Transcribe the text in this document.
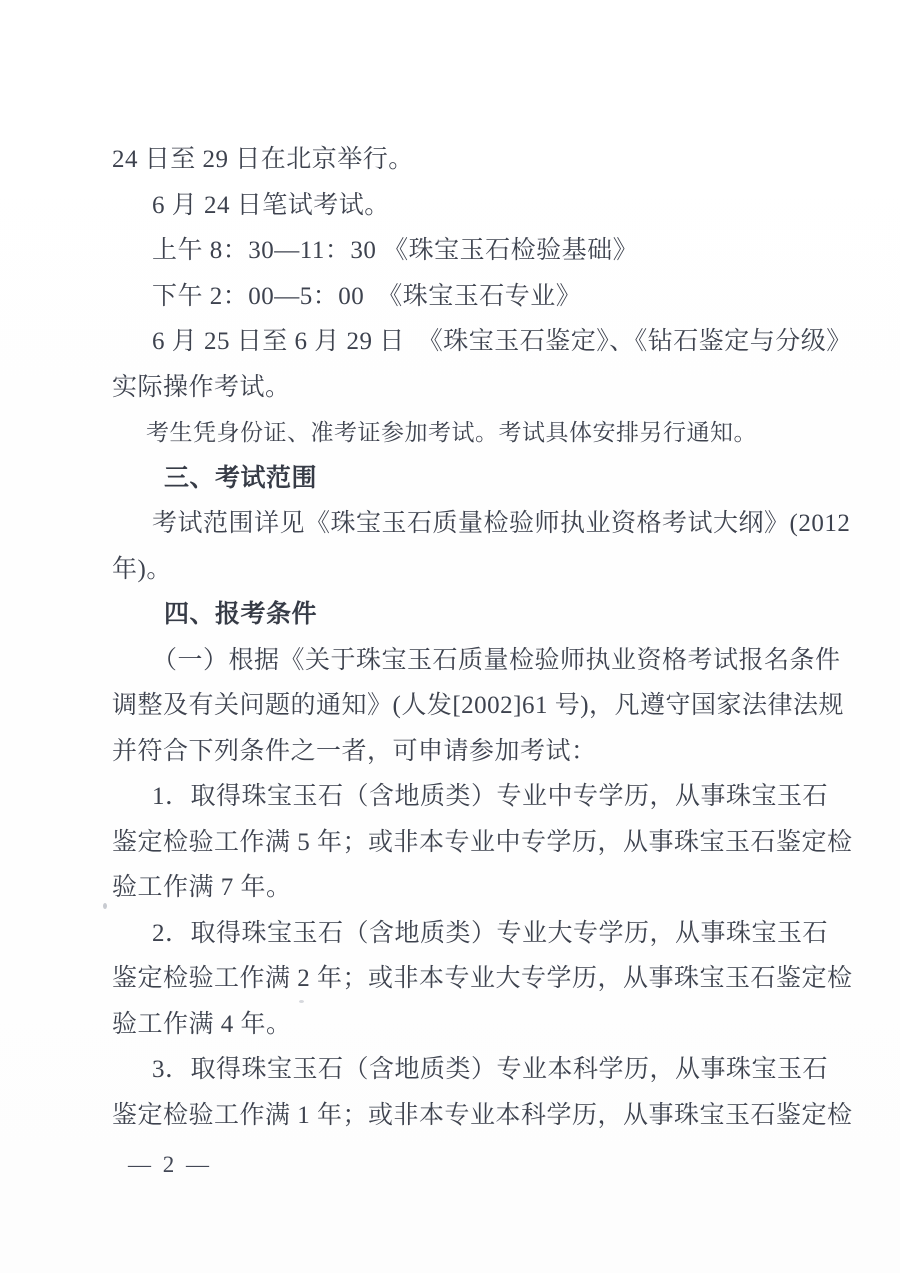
24 日至 29 日在北京举行。
6 月 24 日笔试考试。
上午 8：30—11：30 《珠宝玉石检验基础》
下午 2：00—5：00　《珠宝玉石专业》
6 月 25 日至 6 月 29 日　《珠宝玉石鉴定》、《钻石鉴定与分级》
实际操作考试。
考生凭身份证、准考证参加考试。考试具体安排另行通知。
三、考试范围
考试范围详见《珠宝玉石质量检验师执业资格考试大纲》(2012
年)。
四、报考条件
（一）根据《关于珠宝玉石质量检验师执业资格考试报名条件
调整及有关问题的通知》(人发[2002]61 号)，凡遵守国家法律法规
并符合下列条件之一者，可申请参加考试：
1．取得珠宝玉石（含地质类）专业中专学历，从事珠宝玉石
鉴定检验工作满 5 年；或非本专业中专学历，从事珠宝玉石鉴定检
验工作满 7 年。
2．取得珠宝玉石（含地质类）专业大专学历，从事珠宝玉石
鉴定检验工作满 2 年；或非本专业大专学历，从事珠宝玉石鉴定检
验工作满 4 年。
3．取得珠宝玉石（含地质类）专业本科学历，从事珠宝玉石
鉴定检验工作满 1 年；或非本专业本科学历，从事珠宝玉石鉴定检
— 2 —
